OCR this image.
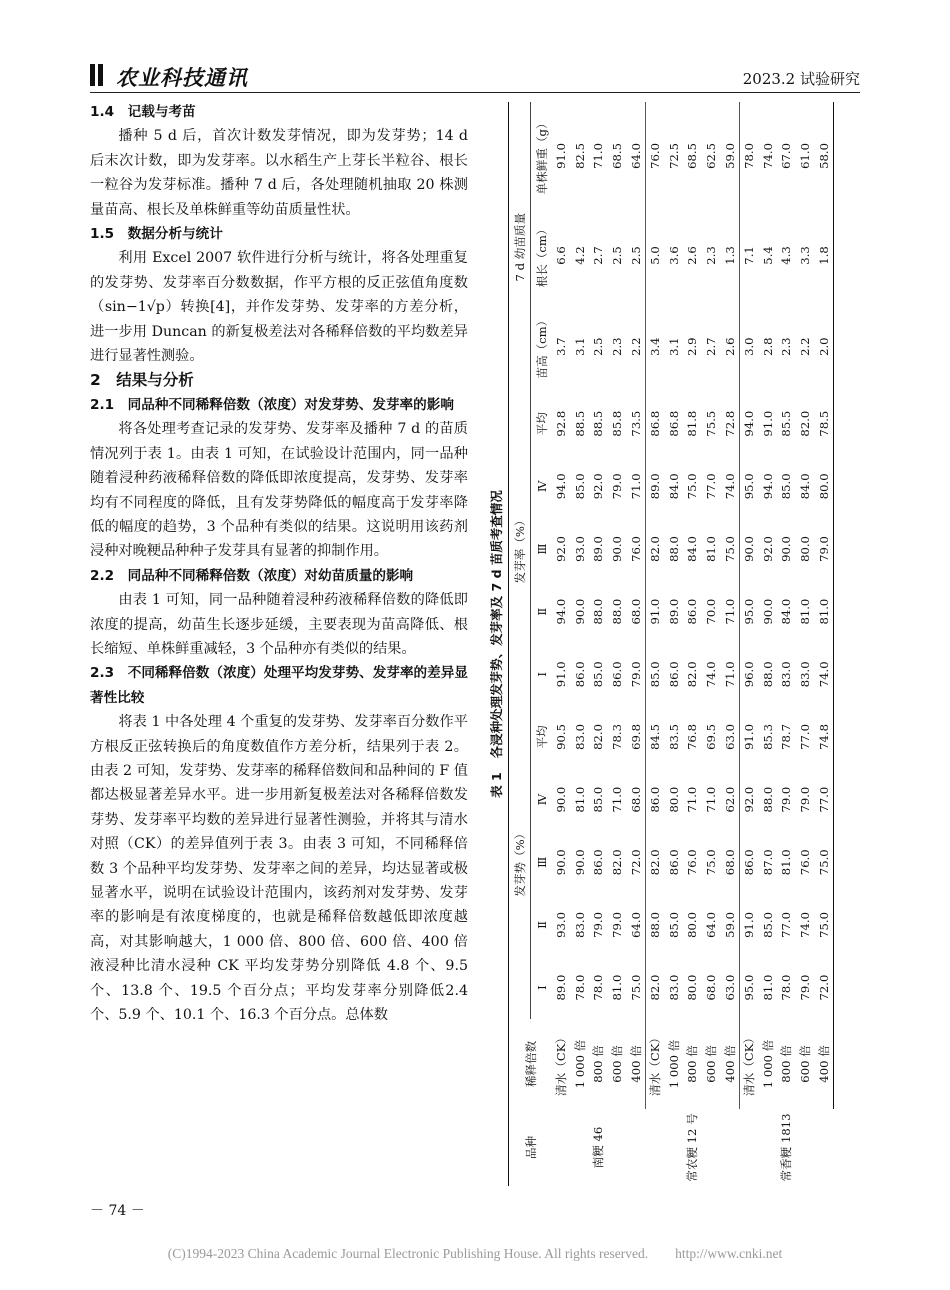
农业科技通讯	2023.2 试验研究

1.4　记载与考苗

播种 5 d 后，首次计数发芽情况，即为发芽势；14 d 后末次计数，即为发芽率。以水稻生产上芽长半粒谷、根长一粒谷为发芽标准。播种 7 d 后，各处理随机抽取 20 株测量苗高、根长及单株鲜重等幼苗质量性状。

1.5　数据分析与统计

利用 Excel 2007 软件进行分析与统计，将各处理重复的发芽势、发芽率百分数数据，作平方根的反正弦值角度数（sin−1√p）转换[4]，并作发芽势、发芽率的方差分析，进一步用 Duncan 的新复极差法对各稀释倍数的平均数差异进行显著性测验。

2　结果与分析

2.1　同品种不同稀释倍数（浓度）对发芽势、发芽率的影响

将各处理考查记录的发芽势、发芽率及播种 7 d 的苗质情况列于表 1。由表 1 可知，在试验设计范围内，同一品种随着浸种药液稀释倍数的降低即浓度提高，发芽势、发芽率均有不同程度的降低，且有发芽势降低的幅度高于发芽率降低的幅度的趋势，3 个品种有类似的结果。这说明用该药剂浸种对晚粳品种种子发芽具有显著的抑制作用。

2.2　同品种不同稀释倍数（浓度）对幼苗质量的影响

由表 1 可知，同一品种随着浸种药液稀释倍数的降低即浓度的提高，幼苗生长逐步延缓，主要表现为苗高降低、根长缩短、单株鲜重减轻，3 个品种亦有类似的结果。

2.3　不同稀释倍数（浓度）处理平均发芽势、发芽率的差异显著性比较

将表 1 中各处理 4 个重复的发芽势、发芽率百分数作平方根反正弦转换后的角度数值作方差分析，结果列于表 2。由表 2 可知，发芽势、发芽率的稀释倍数间和品种间的 F 值都达极显著差异水平。进一步用新复极差法对各稀释倍数发芽势、发芽率平均数的差异进行显著性测验，并将其与清水对照（CK）的差异值列于表 3。由表 3 可知，不同稀释倍数 3 个品种平均发芽势、发芽率之间的差异，均达显著或极显著水平，说明在试验设计范围内，该药剂对发芽势、发芽率的影响是有浓度梯度的，也就是稀释倍数越低即浓度越高，对其影响越大，1 000 倍、800 倍、600 倍、400 倍液浸种比清水浸种 CK 平均发芽势分别降低 4.8 个、9.5 个、13.8 个、19.5 个百分点；平均发芽率分别降低2.4 个、5.9 个、10.1 个、16.3 个百分点。总体数

表 1各浸种处理发芽势、发芽率及 7 d 苗质考查情况
品种	稀释倍数	发芽势（%）					发芽率（%）					7 d 幼苗质量		
		Ⅰ	Ⅱ	Ⅲ	Ⅳ	平均	Ⅰ	Ⅱ	Ⅲ	Ⅳ	平均	苗高（cm）	根长（cm）	单株鲜重（g）

南粳 46	清水（CK）	89.0	93.0	90.0	90.0	90.5	91.0	94.0	92.0	94.0	92.8	3.7	6.6	91.0
	1 000 倍	78.0	83.0	90.0	81.0	83.0	86.0	90.0	93.0	85.0	88.5	3.1	4.2	82.5
	800 倍	78.0	79.0	86.0	85.0	82.0	85.0	88.0	89.0	92.0	88.5	2.5	2.7	71.0
	600 倍	81.0	79.0	82.0	71.0	78.3	86.0	88.0	90.0	79.0	85.8	2.3	2.5	68.5
	400 倍	75.0	64.0	72.0	68.0	69.8	79.0	68.0	76.0	71.0	73.5	2.2	2.5	64.0
常农粳 12 号	清水（CK）	82.0	88.0	82.0	86.0	84.5	85.0	91.0	82.0	89.0	86.8	3.4	5.0	76.0
	1 000 倍	83.0	85.0	86.0	80.0	83.5	86.0	89.0	88.0	84.0	86.8	3.1	3.6	72.5
	800 倍	80.0	80.0	76.0	71.0	76.8	82.0	86.0	84.0	75.0	81.8	2.9	2.6	68.5
	600 倍	68.0	64.0	75.0	71.0	69.5	74.0	70.0	81.0	77.0	75.5	2.7	2.3	62.5
	400 倍	63.0	59.0	68.0	62.0	63.0	71.0	71.0	75.0	74.0	72.8	2.6	1.3	59.0
常香粳 1813	清水（CK）	95.0	91.0	86.0	92.0	91.0	96.0	95.0	90.0	95.0	94.0	3.0	7.1	78.0
	1 000 倍	81.0	85.0	87.0	88.0	85.3	88.0	90.0	92.0	94.0	91.0	2.8	5.4	74.0
	800 倍	78.0	77.0	81.0	79.0	78.7	83.0	84.0	90.0	85.0	85.5	2.3	4.3	67.0
	600 倍	79.0	74.0	76.0	79.0	77.0	83.0	81.0	80.0	84.0	82.0	2.2	3.3	61.0
	400 倍	72.0	75.0	75.0	77.0	74.8	74.0	81.0	79.0	80.0	78.5	2.0	1.8	58.0
－ 74 －
(C)1994-2023 China Academic Journal Electronic Publishing House. All rights reserved.　　http://www.cnki.net
